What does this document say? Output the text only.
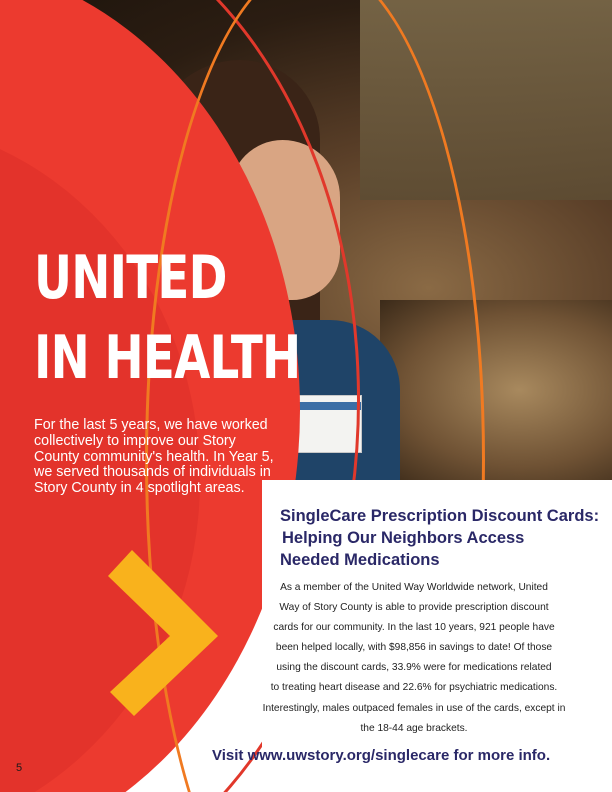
UNITED
IN HEALTH

For the last 5 years, we have worked collectively to improve our Story County community's health. In Year 5, we served thousands of individuals in Story County in 4 spotlight areas.

SingleCare Prescription Discount Cards:
Helping Our Neighbors Access
Needed Medications

As a member of the United Way Worldwide network, United
Way of Story County is able to provide prescription discount
cards for our community. In the last 10 years, 921 people have
been helped locally, with $98,856 in savings to date! Of those
using the discount cards, 33.9% were for medications related
to treating heart disease and 22.6% for psychiatric medications.
Interestingly, males outpaced females in use of the cards, except in
the 18-44 age brackets.

Visit www.uwstory.org/singlecare for more info.

5
